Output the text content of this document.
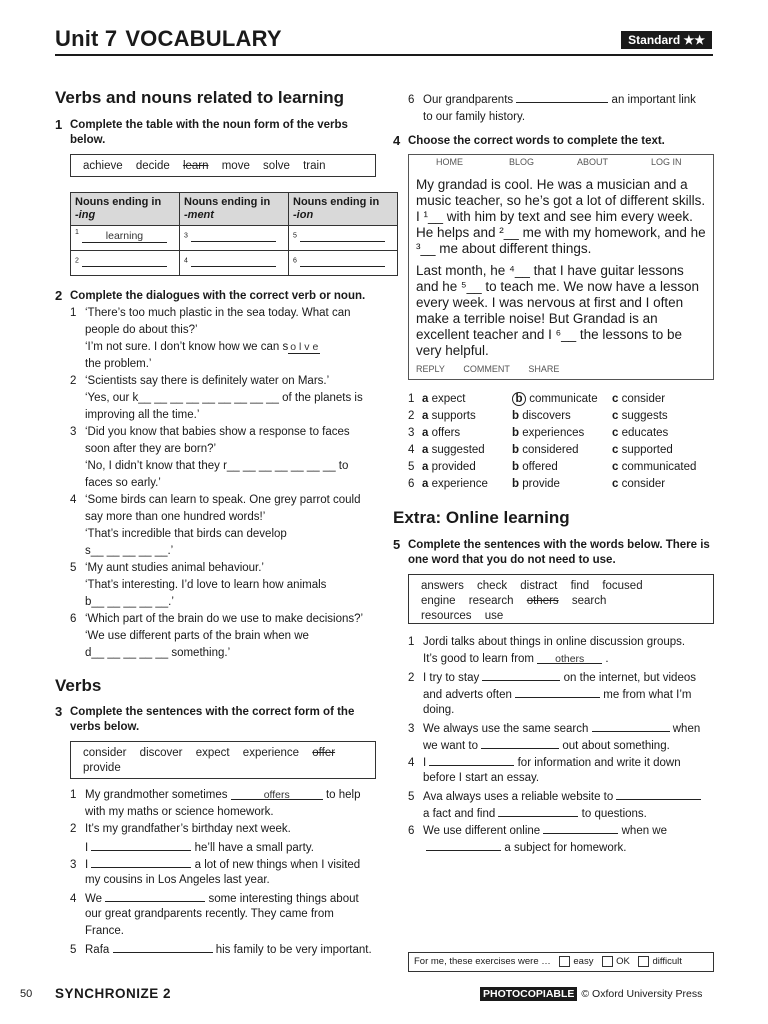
Unit 7 VOCABULARY	Standard ★★
Verbs and nouns related to learning
1 Complete the table with the noun form of the verbs
below.
achieve decide learn move solve train
Nouns ending in
-ing	Nouns ending in
-ment	Nouns ending in
-ion
$^1$ learning	$^3$	$^5$
$^2$	$^4$	$^6$
2 Complete the dialogues with the correct verb or noun.
1 ‘There’s too much plastic in the sea today. What can
people do about this?’
‘I’m not sure. I don’t know how we can s o l v e
the problem.’
2 ‘Scientists say there is definitely water on Mars.’
‘Yes, our k__ __ __ __ __ __ __ __ __ of the planets is
improving all the time.’
3 ‘Did you know that babies show a response to faces
soon after they are born?’
‘No, I didn’t know that they r__ __ __ __ __ __ __ to
faces so early.’
4 ‘Some birds can learn to speak. One grey parrot could
say more than one hundred words!’
‘That’s incredible that birds can develop
s__ __ __ __ __.’
5 ‘My aunt studies animal behaviour.’
‘That’s interesting. I’d love to learn how animals
b__ __ __ __ __.’
6 ‘Which part of the brain do we use to make decisions?’
‘We use different parts of the brain when we
d__ __ __ __ __ something.’
Verbs
3 Complete the sentences with the correct form of the
verbs below.
consider discover expect experience offer
provide
1 My grandmother sometimes	offers	to help
with my maths or science homework.
2 It’s my grandfather’s birthday next week.
I	he’ll have a small party.
3 I	a lot of new things when I visited
my cousins in Los Angeles last year.
4 We	some interesting things about
our great grandparents recently. They came from
France.
5 Rafa	his family to be very important.
6 Our grandparents	an important link
to our family history.
4 Choose the correct words to complete the text.
HOME	BLOG	ABOUT	LOG IN

My grandad is cool. He was a musician and a music teacher, so he’s got a lot of different skills. I ¹__ with him by text and see him every week. He helps and ²__ me with my homework, and he ³__ me about different things.

Last month, he ⁴__ that I have guitar lessons and he ⁵__ to teach me. We now have a lesson every week. I was nervous at first and I often make a terrible noise! But Grandad is an excellent teacher and I ⁶__ the lessons to be very helpful.

REPLY COMMENT SHARE
1 a expect	b communicate c consider
2 a supports	b discovers	c suggests
3 a offers	b experiences c educates
4 a suggested b considered	c supported
5 a provided	b offered	c communicated
6 a experience b provide	c consider
Extra: Online learning
5 Complete the sentences with the words below. There is
one word that you do not need to use.
answers check distract find focused
engine research others search
resources use
1 Jordi talks about things in online discussion groups.
It’s good to learn from others .
2 I try to stay	on the internet, but videos
and adverts often	me from what I’m
doing.
3 We always use the same search	when
we want to	out about something.
4 I	for information and write it down
before I start an essay.
5 Ava always uses a reliable website to
a fact and find	to questions.
6 We use different online	when we
a subject for homework.
For me, these exercises were … easy OK difficult
50 SYNCHRONIZE 2	PHOTOCOPIABLE © Oxford University Press
